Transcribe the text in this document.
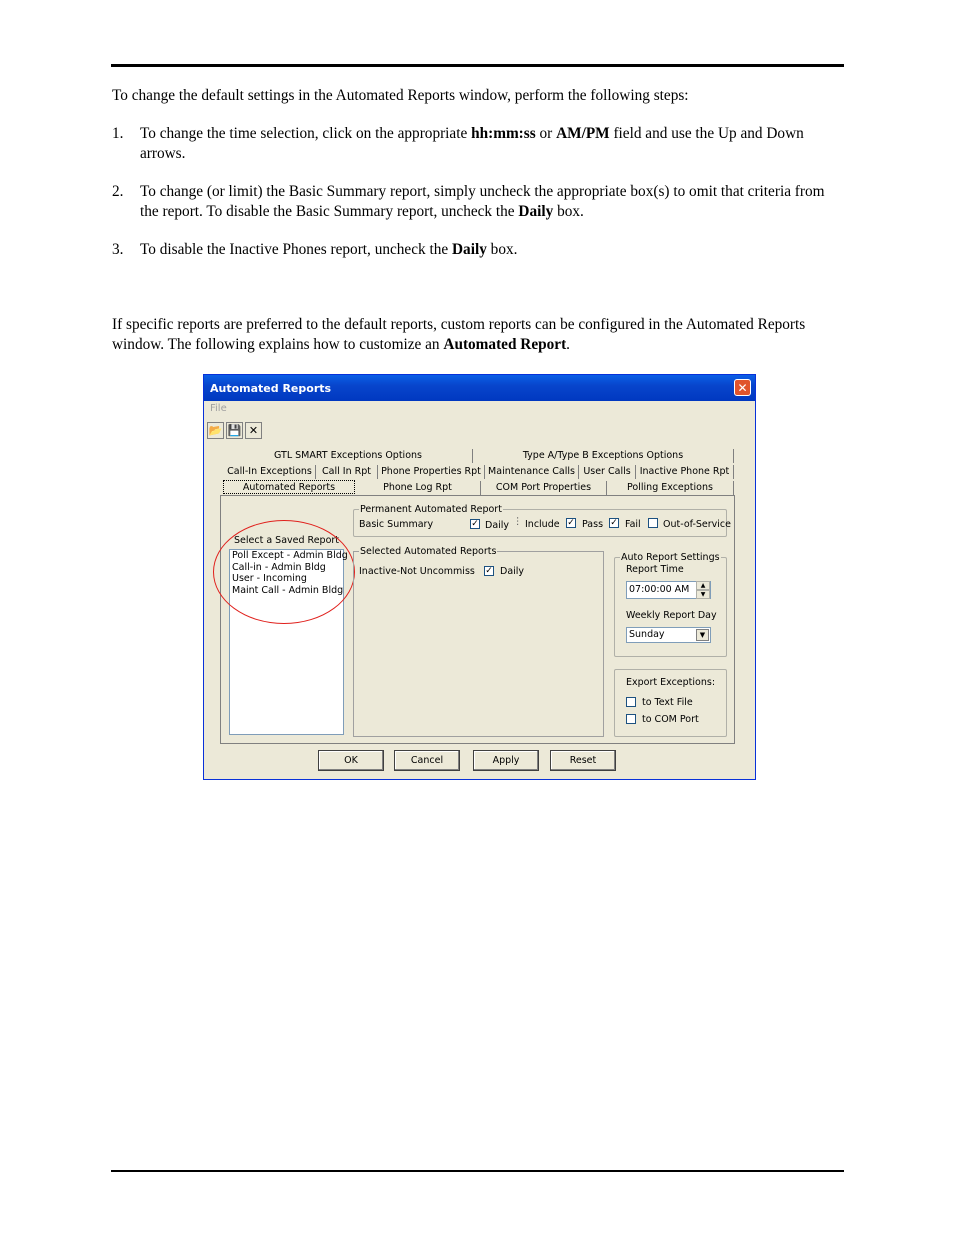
To change the default settings in the Automated Reports window, perform the following steps:
1. To change the time selection, click on the appropriate hh:mm:ss or AM/PM field and use the Up and Down arrows.
2. To change (or limit) the Basic Summary report, simply uncheck the appropriate box(s) to omit that criteria from the report. To disable the Basic Summary report, uncheck the Daily box.
3. To disable the Inactive Phones report, uncheck the Daily box.
If specific reports are preferred to the default reports, custom reports can be configured in the Automated Reports window. The following explains how to customize an Automated Report.
Automated Reports	✕
File
📂 💾 ✕
GTL SMART Exceptions Options	Type A/Type B Exceptions Options
Call-In Exceptions	Call In Rpt	Phone Properties Rpt Maintenance Calls User Calls Inactive Phone Rpt
Automated Reports	Phone Log Rpt	COM Port Properties	Polling Exceptions
Select a Saved Report
Poll Except - Admin Bldg
Call-in - Admin Bldg
User - Incoming
Maint Call - Admin Bldg
Permanent Automated Report
Basic Summary	✓ Daily ⋮ Include ✓ Pass ✓ Fail Out-of-Service
Selected Automated Reports
Inactive-Not Uncommiss ✓ Daily
Auto Report Settings
Report Time
07:00:00 AM	▲
▼
Weekly Report Day
Sunday	▼
Export Exceptions:
to Text File
to COM Port
OK	Cancel	Apply	Reset
